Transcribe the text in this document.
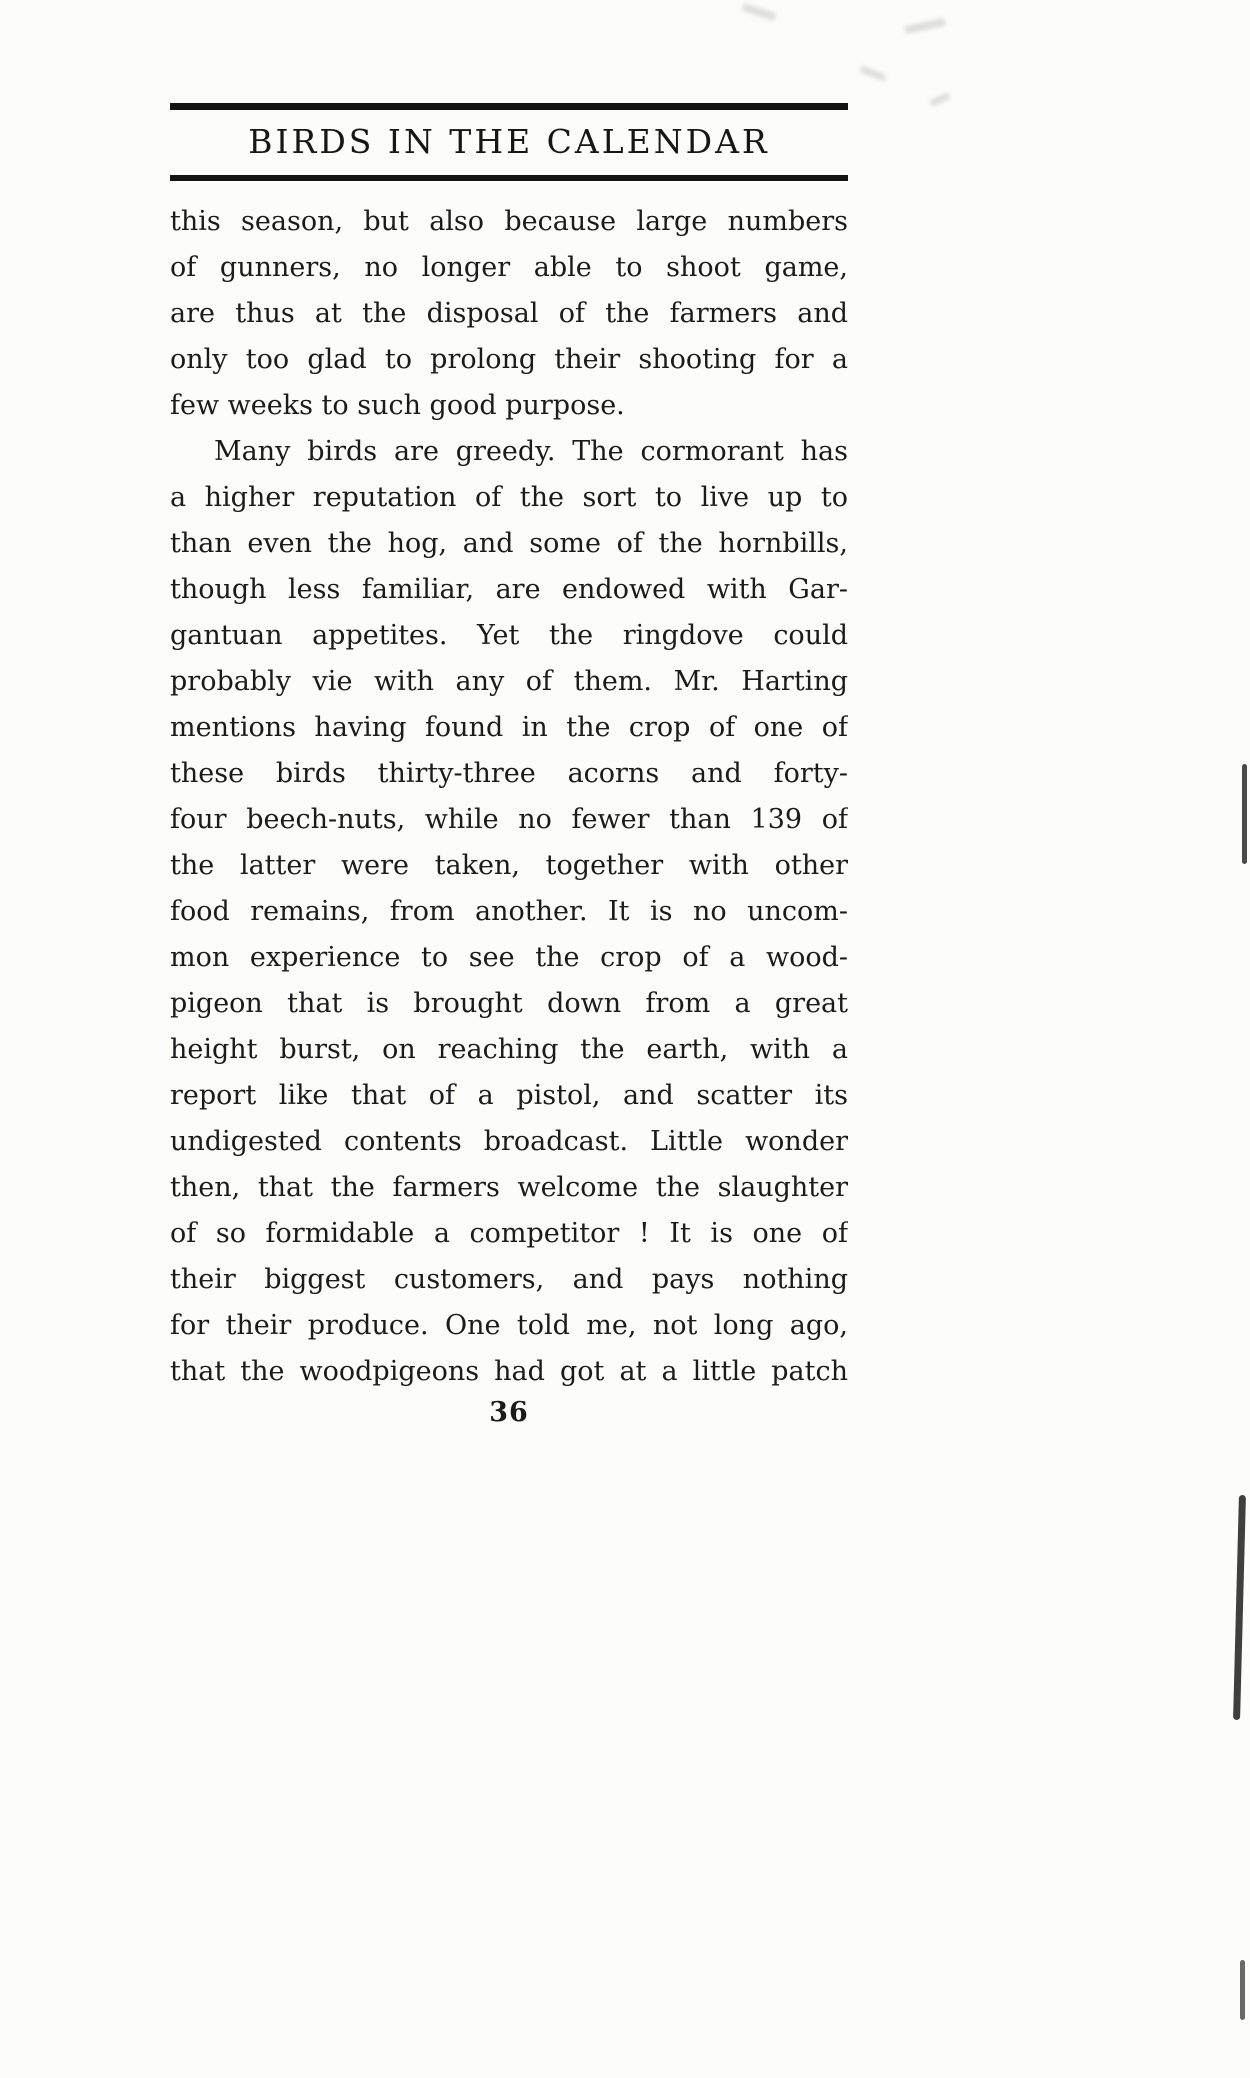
BIRDS IN THE CALENDAR
this season, but also because large numbers
of gunners, no longer able to shoot game,
are thus at the disposal of the farmers and
only too glad to prolong their shooting for a
few weeks to such good purpose.
Many birds are greedy. The cormorant has
a higher reputation of the sort to live up to
than even the hog, and some of the hornbills,
though less familiar, are endowed with Gar-
gantuan appetites. Yet the ringdove could
probably vie with any of them. Mr. Harting
mentions having found in the crop of one of
these birds thirty-three acorns and forty-
four beech-nuts, while no fewer than 139 of
the latter were taken, together with other
food remains, from another. It is no uncom-
mon experience to see the crop of a wood-
pigeon that is brought down from a great
height burst, on reaching the earth, with a
report like that of a pistol, and scatter its
undigested contents broadcast. Little wonder
then, that the farmers welcome the slaughter
of so formidable a competitor ! It is one of
their biggest customers, and pays nothing
for their produce. One told me, not long ago,
that the woodpigeons had got at a little patch
36
